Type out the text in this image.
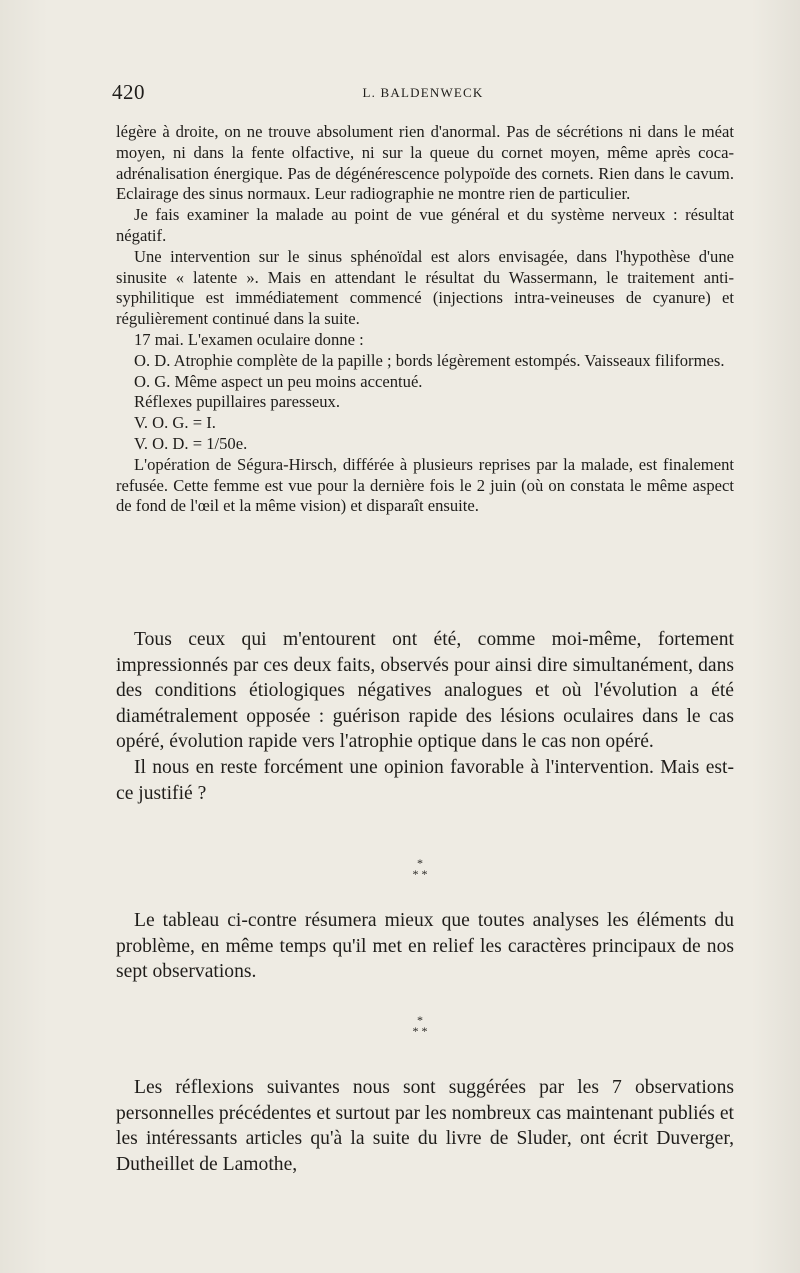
420	L. BALDENWECK

légère à droite, on ne trouve absolument rien d'anormal. Pas de sécrétions ni dans le méat moyen, ni dans la fente olfactive, ni sur la queue du cornet moyen, même après coca-adrénalisation énergique. Pas de dégénérescence polypoïde des cornets. Rien dans le cavum. Eclairage des sinus normaux. Leur radiographie ne montre rien de particulier.

Je fais examiner la malade au point de vue général et du système nerveux : résultat négatif.

Une intervention sur le sinus sphénoïdal est alors envisagée, dans l'hypothèse d'une sinusite « latente ». Mais en attendant le résultat du Wassermann, le traitement anti-syphilitique est immédiatement commencé (injections intra-veineuses de cyanure) et régulièrement continué dans la suite.

17 mai. L'examen oculaire donne :

O. D. Atrophie complète de la papille ; bords légèrement estompés. Vaisseaux filiformes.

O. G. Même aspect un peu moins accentué.

Réflexes pupillaires paresseux.

V. O. G. = I.

V. O. D. = 1/50e.

L'opération de Ségura-Hirsch, différée à plusieurs reprises par la malade, est finalement refusée. Cette femme est vue pour la dernière fois le 2 juin (où on constata le même aspect de fond de l'œil et la même vision) et disparaît ensuite.

Tous ceux qui m'entourent ont été, comme moi-même, fortement impressionnés par ces deux faits, observés pour ainsi dire simultanément, dans des conditions étiologiques négatives analogues et où l'évolution a été diamétralement opposée : guérison rapide des lésions oculaires dans le cas opéré, évolution rapide vers l'atrophie optique dans le cas non opéré.

Il nous en reste forcément une opinion favorable à l'intervention. Mais est-ce justifié ?

*
* *

Le tableau ci-contre résumera mieux que toutes analyses les éléments du problème, en même temps qu'il met en relief les caractères principaux de nos sept observations.

*
* *

Les réflexions suivantes nous sont suggérées par les 7 observations personnelles précédentes et surtout par les nombreux cas maintenant publiés et les intéressants articles qu'à la suite du livre de Sluder, ont écrit Duverger, Dutheillet de Lamothe,
